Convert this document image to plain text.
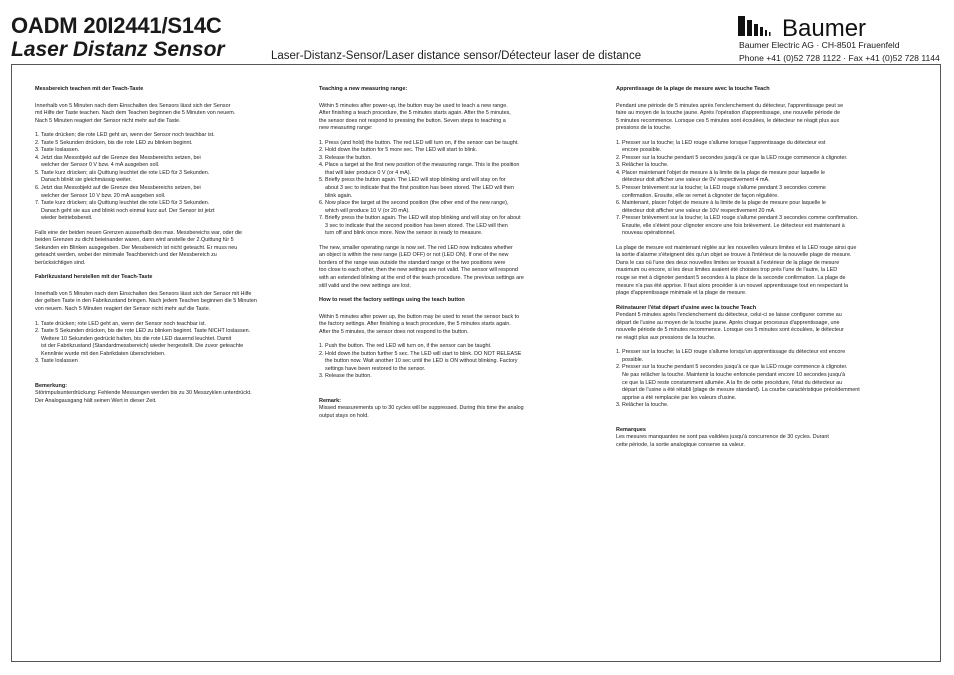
OADM 20I2441/S14C
Laser Distanz Sensor	Laser-Distanz-Sensor/Laser distance sensor/Détecteur laser de distance
Baumer
Baumer Electric AG · CH-8501 Frauenfeld
Phone +41 (0)52 728 1122 · Fax +41 (0)52 728 1144
Messbereich teachen mit der Teach-Taste

Innerhalb von 5 Minuten nach dem Einschalten des Sensors lässt sich der Sensor
mit Hilfe der Taste teachen. Nach dem Teachen beginnen die 5 Minuten von neuem.
Nach 5 Minuten reagiert der Sensor nicht mehr auf die Taste.

1. Taste drücken; die rote LED geht an, wenn der Sensor noch teachbar ist.
2. Taste 5 Sekunden drücken, bis die rote LED zu blinken beginnt.
3. Taste loslassen.
4. Jetzt das Messobjekt auf die Grenze des Messbereichs setzen, bei
welcher der Sensor 0 V bzw. 4 mA ausgeben soll.
5. Taste kurz drücken; als Quittung leuchtet die rote LED für 3 Sekunden.
Danach blinkt sie gleichmässig weiter.
6. Jetzt das Messobjekt auf die Grenze des Messbereichs setzen, bei
welcher der Sensor 10 V bzw. 20 mA ausgeben soll.
7. Taste kurz drücken; als Quittung leuchtet die rote LED für 3 Sekunden.
Danach geht sie aus und blinkt noch einmal kurz auf. Der Sensor ist jetzt
wieder betriebsbereit.

Falls eine der beiden neuen Grenzen ausserhalb des max. Messbereichs war, oder die
beiden Grenzen zu dicht beieinander waren, dann wird anstelle der 2.Quittung für 5
Sekunden ein Blinken ausgegeben. Der Messbereich ist nicht geteacht. Er muss neu
geteacht werden, wobei der minimale Teachbereich und der Messbereich zu
berücksichtigen sind.

Fabrikzustand herstellen mit der Teach-Taste

Innerhalb von 5 Minuten nach dem Einschalten des Sensors lässt sich der Sensor mit Hilfe
der gelben Taste in den Fabrikzustand bringen. Nach jedem Teachen beginnen die 5 Minuten
von neuem. Nach 5 Minuten reagiert der Sensor nicht mehr auf die Taste.

1. Taste drücken; rote LED geht an, wenn der Sensor noch teachbar ist.
2. Taste 5 Sekunden drücken, bis die rote LED zu blinken beginnt. Taste NICHT loslassen.
Weitere 10 Sekunden gedrückt halten, bis die rote LED dauernd leuchtet. Damit
ist der Fabrikzustand (Standardmessbereich) wieder hergestellt. Die zuvor geteachte
Kennlinie wurde mit den Fabrikdaten überschrieben.
3. Taste loslassen
Bemerkung:

Störimpulsunterdrückung: Fehlende Messungen werden bis zu 30 Messzyklen unterdrückt.
Der Analogausgang hält seinen Wert in dieser Zeit.

Teaching a new measuring range:

Within 5 minutes after power-up, the button may be used to teach a new range.
After finishing a teach procedure, the 5 minutes starts again. After the 5 minutes,
the sensor does not respond to pressing the button. Seven steps to teaching a
new measuring range:

1. Press (and hold) the button. The red LED will turn on, if the sensor can be taught.
2. Hold down the button for 5 more sec. The LED will start to blink.
3. Release the button.
4. Place a target at the first new position of the measuring range. This is the position
that will later produce 0 V (or 4 mA).
5. Briefly press the button again. The LED will stop blinking and will stay on for
about 3 sec to indicate that the first position has been stored. The LED will then
blink again.
6. Now place the target at the second position (the other end of the new range),
which will produce 10 V (or 20 mA).
7. Briefly press the button again. The LED will stop blinking and will stay on for about
3 sec to indicate that the second position has been stored. The LED will then
turn off and blink once more. Now the sensor is ready to measure.

The new, smaller operating range is now set. The red LED now indicates whether
an object is within the new range (LED OFF) or not (LED ON). If one of the new
borders of the range was outside the standard range or the two positions were
too close to each other, then the new settings are not valid. The sensor will respond
with an extended blinking at the end of the teach procedure. The previous settings are
still valid and the new settings are lost.

How to reset the factory settings using the teach button

Within 5 minutes after power up, the button may be used to reset the sensor back to
the factory settings. After finishing a teach procedure, the 5 minutes starts again.
After the 5 minutes, the sensor does not respond to the button.

1. Push the button. The red LED will turn on, if the sensor can be taught.
2. Hold down the button further 5 sec. The LED will start to blink. DO NOT RELEASE
the button now. Wait another 10 sec until the LED is ON without blinking. Factory
settings have been restored to the sensor.
3. Release the button.
Remark:

Missed measurements up to 30 cycles will be suppressed. During this time the analog
output stays on hold.

Apprentissage de la plage de mesure avec la touche Teach

Pendant une période de 5 minutes après l'enclenchement du détecteur, l'apprentissage peut se
faire au moyen de la touche jaune. Après l'opération d'apprentissage, une nouvelle période de
5 minutes recommence. Lorsque ces 5 minutes sont écoulées, le détecteur ne réagit plus aux
pressions de la touche.

1. Presser sur la touche; la LED rouge s'allume lorsque l'apprentissage du détecteur est
encore possible.
2. Presser sur la touche pendant 5 secondes jusqu'à ce que la LED rouge commence à clignoter.
3. Relâcher la touche.
4. Placer maintenant l'objet de mesure à la limite de la plage de mesure pour laquelle le
détecteur doit afficher une valeur de 0V respectivement 4 mA.
5. Presser brièvement sur la touche; la LED rouge s'allume pendant 3 secondes comme
confirmation. Ensuite, elle se remet à clignoter de façon régulière.
6. Maintenant, placer l'objet de mesure à la limite de la plage de mesure pour laquelle le
détecteur doit afficher une valeur de 10V respectivement 20 mA.
7. Presser brièvement sur la touche; la LED rouge s'allume pendant 3 secondes comme confirmation.
Ensuite, elle s'éteint pour clignoter encore une fois brièvement. Le détecteur est maintenant à
nouveau opérationnel.

La plage de mesure est maintenant réglée sur les nouvelles valeurs limites et la LED rouge ainsi que
la sortie d'alarme s'éteignent dès qu'un objet se trouve à l'intérieur de la nouvelle plage de mesure.
Dans le cas où l'une des deux nouvelles limites se trouvait à l'extérieur de la plage de mesure
maximum ou encore, si les deux limites avaient été choisies trop près l'une de l'autre, la LED
rouge se met à clignoter pendant 5 secondes à la place de la seconde confirmation. La plage de
mesure n'a pas été apprise. Il faut alors procéder à un nouvel apprentissage tout en respectant la
plage d'apprentissage minimale et la plage de mesure.

Réinstaurer l'état départ d'usine avec la touche Teach

Pendant 5 minutes après l'enclenchement du détecteur, celui-ci se laisse configurer comme au
départ de l'usine au moyen de la touche jaune. Après chaque processus d'apprentissage, une
nouvelle période de 5 minutes recommence. Lorsque ces 5 minutes sont écoulées, le détecteur
ne réagit plus aux pressions de la touche.

1. Presser sur la touche; la LED rouge s'allume lorsqu'un apprentissage du détecteur est encore
possible.
2. Presser sur la touche pendant 5 secondes jusqu'à ce que la LED rouge commence à clignoter.
Ne pas relâcher la touche. Maintenir la touche enfoncée pendant encore 10 secondes jusqu'à
ce que la LED reste constamment allumée. A la fin de cette procédure, l'état du détecteur au
départ de l'usine a été rétabli (plage de mesure standard). La courbe caractéristique précédemment
apprise a été remplacée par les valeurs d'usine.
3. Relâcher la touche.
Remarques

Les mesures manquantes ne sont pas validées jusqu'à concurrence de 30 cycles. Durant
cette période, la sortie analogique conserve sa valeur.
